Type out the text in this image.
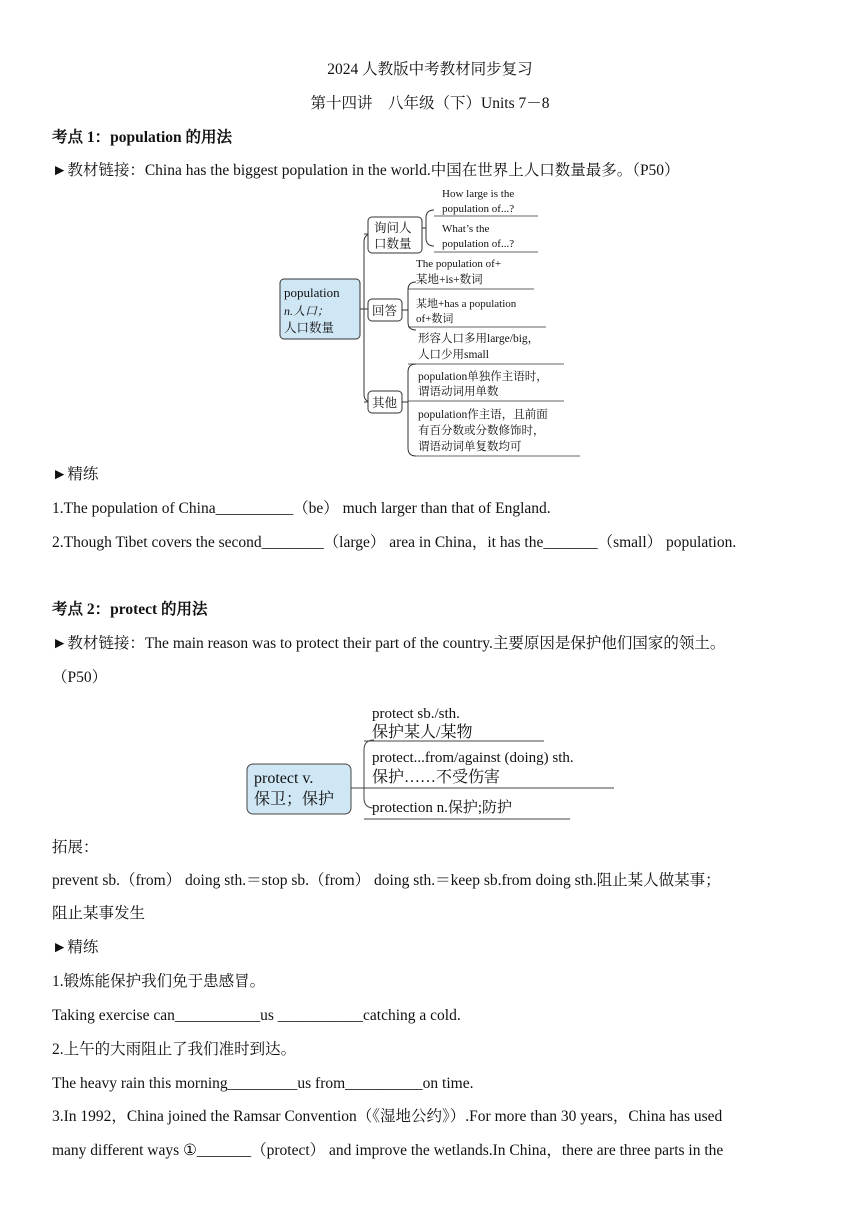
2024 人教版中考教材同步复习
第十四讲　八年级（下）Units 7－8
考点 1：population 的用法
►教材链接：China has the biggest population in the world.中国在世界上人口数量最多。（P50）
population
n.人口；
人口数量
询问人
口数量
How large is the
population of...?
What’s the
population of...?
回答
The population of+
某地+is+数词
某地+has a population
of+数词
其他
形容人口多用large/big，
人口少用small
population单独作主语时，
谓语动词用单数
population作主语，且前面
有百分数或分数修饰时，
谓语动词单复数均可
►精练
1.The population of China__________（be） much larger than that of England.
2.Though Tibet covers the second________（large） area in China，it has the_______（small） population.
考点 2：protect 的用法
►教材链接：The main reason was to protect their part of the country.主要原因是保护他们国家的领土。
（P50）
protect v.
保卫；保护
protect sb./sth.
保护某人/某物
protect...from/against (doing) sth.
保护……不受伤害
protection n.保护;防护
拓展：
prevent sb.（from） doing sth.＝stop sb.（from） doing sth.＝keep sb.from doing sth.阻止某人做某事；
阻止某事发生
►精练
1.锻炼能保护我们免于患感冒。
Taking exercise can___________us ___________catching a cold.
2.上午的大雨阻止了我们准时到达。
The heavy rain this morning_________us from__________on time.
3.In 1992，China joined the Ramsar Convention（《湿地公约》）.For more than 30 years，China has used
many different ways ①_______（protect） and improve the wetlands.In China，there are three parts in the
